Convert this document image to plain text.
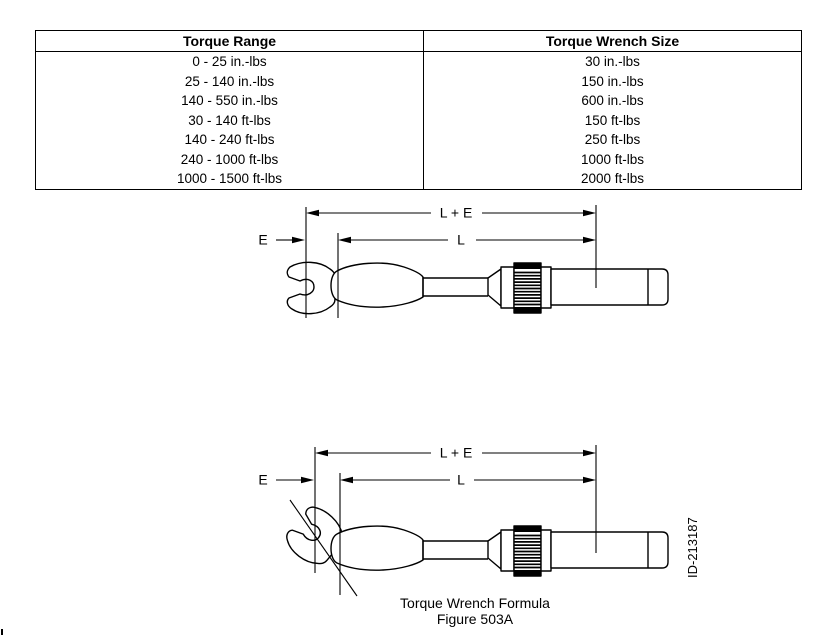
Torque Range	Torque Wrench Size
0 - 25 in.-lbs	30 in.-lbs
25 - 140 in.-lbs	150 in.-lbs
140 - 550 in.-lbs	600 in.-lbs
30 - 140 ft-lbs	150 ft-lbs
140 - 240 ft-lbs	250 ft-lbs
240 - 1000 ft-lbs	1000 ft-lbs
1000 - 1500 ft-lbs	2000 ft-lbs
L + E
L
E
L + E
L
E
ID-213187
Torque Wrench Formula
Figure 503A
